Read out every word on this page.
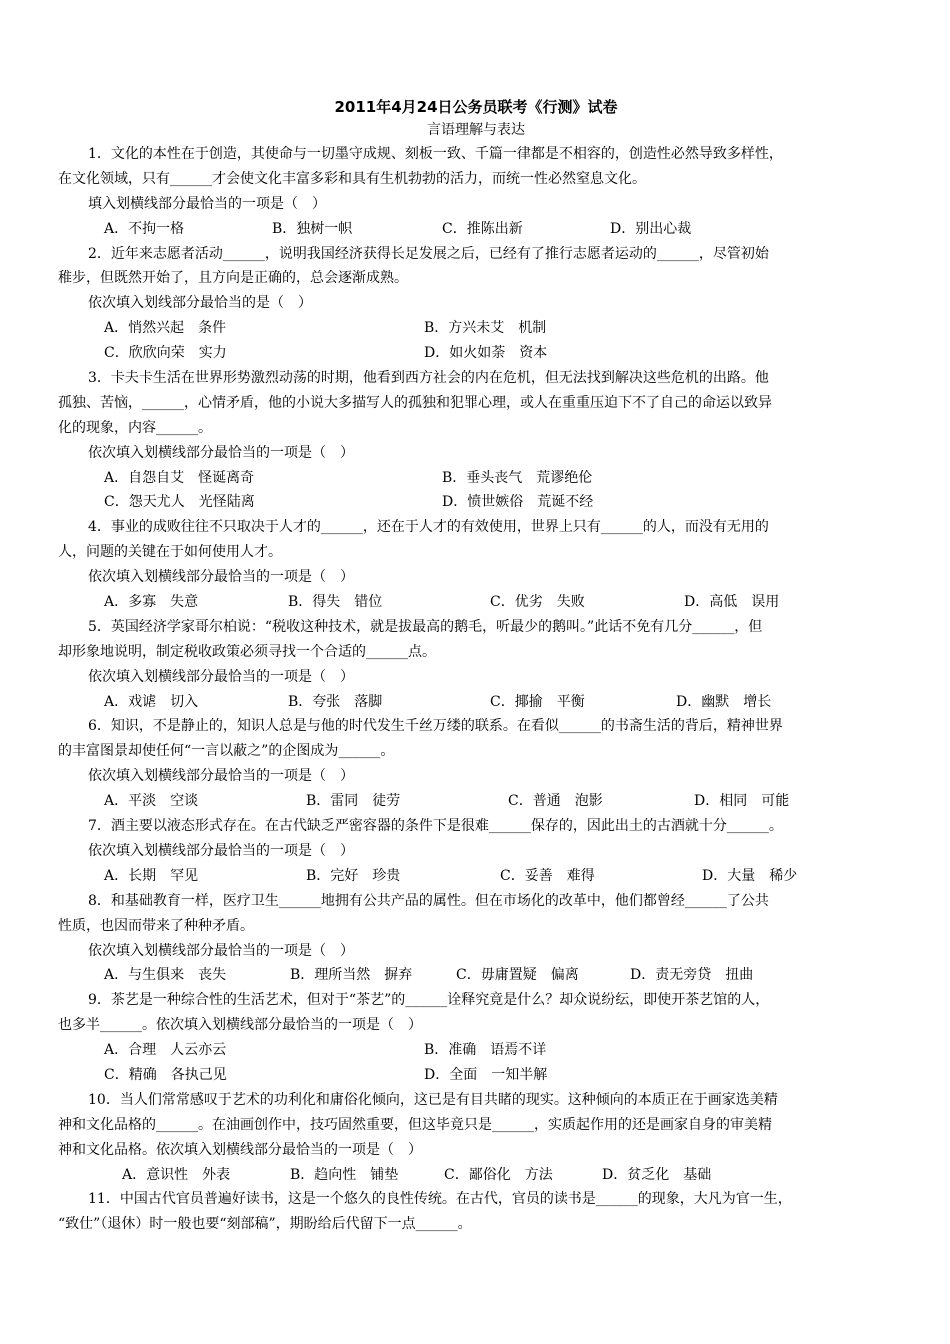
2011年4月24日公务员联考《行测》试卷
言语理解与表达
1．文化的本性在于创造，其使命与一切墨守成规、刻板一致、千篇一律都是不相容的，创造性必然导致多样性，
在文化领域，只有______才会使文化丰富多彩和具有生机勃勃的活力，而统一性必然窒息文化。
填入划横线部分最恰当的一项是（　）
A．不拘一格	B．独树一帜	C．推陈出新	D．别出心裁
2．近年来志愿者活动______，说明我国经济获得长足发展之后，已经有了推行志愿者运动的______，尽管初始
稚步，但既然开始了，且方向是正确的，总会逐渐成熟。
依次填入划线部分最恰当的是（　）
A．悄然兴起　条件	B．方兴未艾　机制
C．欣欣向荣　实力	D．如火如荼　资本
3．卡夫卡生活在世界形势激烈动荡的时期，他看到西方社会的内在危机，但无法找到解决这些危机的出路。他
孤独、苦恼，______，心情矛盾，他的小说大多描写人的孤独和犯罪心理，或人在重重压迫下不了自己的命运以致异
化的现象，内容______。
依次填入划横线部分最恰当的一项是（　）
A．自怨自艾　怪诞离奇	B．垂头丧气　荒谬绝伦
C．怨天尤人　光怪陆离	D．愤世嫉俗　荒诞不经
4．事业的成败往往不只取决于人才的______，还在于人才的有效使用，世界上只有______的人，而没有无用的
人，问题的关键在于如何使用人才。
依次填入划横线部分最恰当的一项是（　）
A．多寡　失意	B．得失　错位	C．优劣　失败	D．高低　误用
5．英国经济学家哥尔柏说：“税收这种技术，就是拔最高的鹅毛，听最少的鹅叫。”此话不免有几分______，但
却形象地说明，制定税收政策必须寻找一个合适的______点。
依次填入划横线部分最恰当的一项是（　）
A．戏谑　切入	B．夸张　落脚	C．揶揄　平衡	D．幽默　增长
6．知识，不是静止的，知识人总是与他的时代发生千丝万缕的联系。在看似______的书斋生活的背后，精神世界
的丰富图景却使任何“一言以蔽之”的企图成为______。
依次填入划横线部分最恰当的一项是（　）
A．平淡　空谈	B．雷同　徒劳	C．普通　泡影	D．相同　可能
7．酒主要以液态形式存在。在古代缺乏严密容器的条件下是很难______保存的，因此出土的古酒就十分______。
依次填入划横线部分最恰当的一项是（　）
A．长期　罕见	B．完好　珍贵	C．妥善　难得	D．大量　稀少
8．和基础教育一样，医疗卫生______地拥有公共产品的属性。但在市场化的改革中，他们都曾经______了公共
性质，也因而带来了种种矛盾。
依次填入划横线部分最恰当的一项是（　）
A．与生俱来　丧失	B．理所当然　摒弃	C．毋庸置疑　偏离	D．责无旁贷　扭曲
9．茶艺是一种综合性的生活艺术，但对于“茶艺”的______诠释究竟是什么？却众说纷纭，即使开茶艺馆的人，
也多半______。依次填入划横线部分最恰当的一项是（　）
A．合理　人云亦云	B．准确　语焉不详
C．精确　各执己见	D．全面　一知半解
10．当人们常常感叹于艺术的功利化和庸俗化倾向，这已是有目共睹的现实。这种倾向的本质正在于画家选美精
神和文化品格的______。在油画创作中，技巧固然重要，但这毕竟只是______，实质起作用的还是画家自身的审美精
神和文化品格。依次填入划横线部分最恰当的一项是（　）
A．意识性　外表	B．趋向性　铺垫	C．鄙俗化　方法	D．贫乏化　基础
11．中国古代官员普遍好读书，这是一个悠久的良性传统。在古代，官员的读书是______的现象，大凡为官一生，
“致仕”（退休）时一般也要“刻部稿”，期盼给后代留下一点______。
